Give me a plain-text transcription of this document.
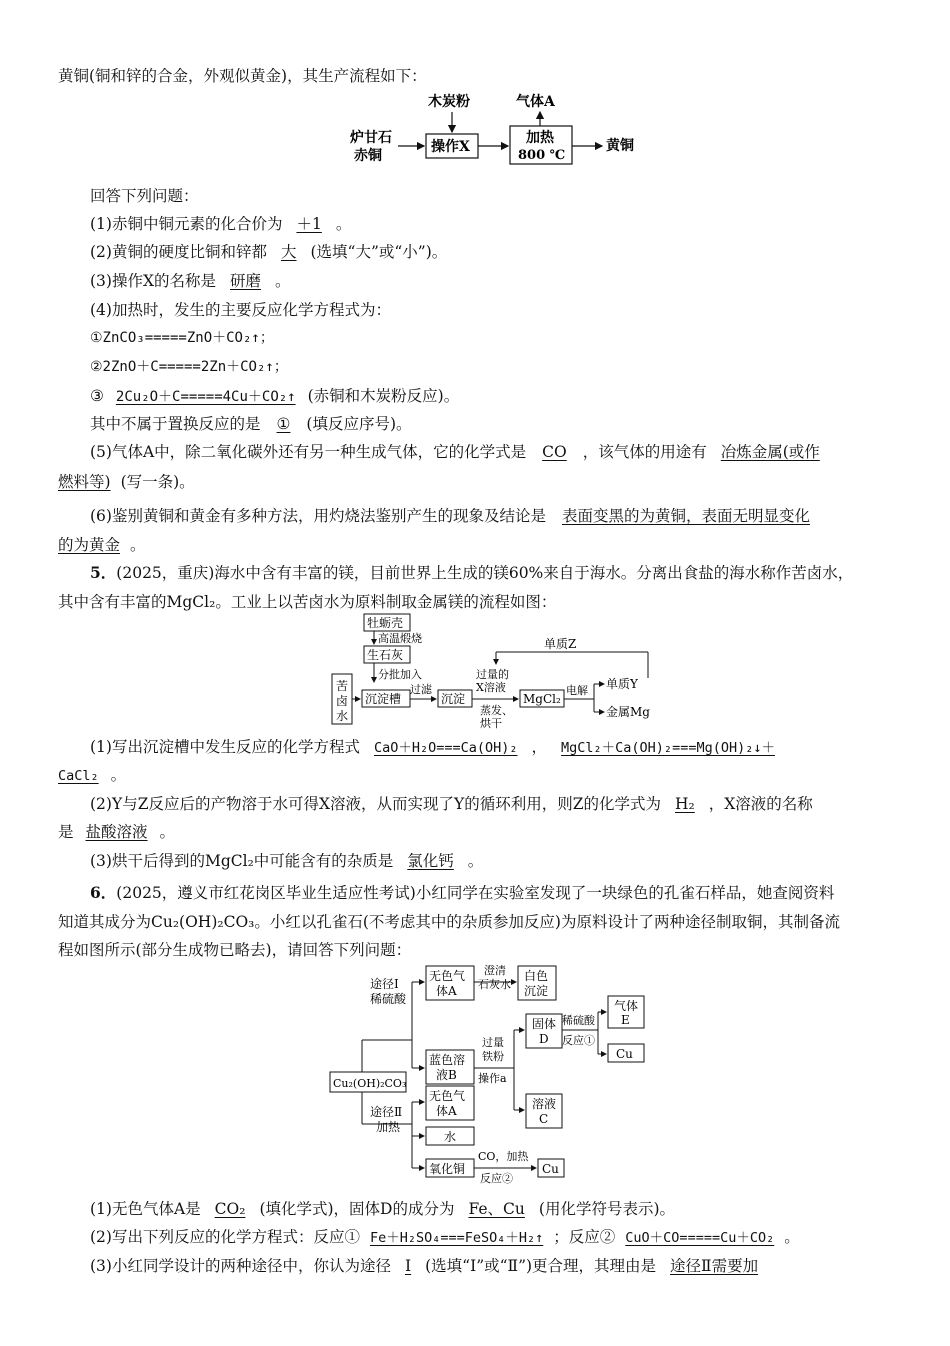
黄铜(铜和锌的合金，外观似黄金)，其生产流程如下：
炉甘石
赤铜
木炭粉
操作X
气体A
加热
800 ℃
黄铜
回答下列问题：
(1)赤铜中铜元素的化合价为 ＋1 。
(2)黄铜的硬度比铜和锌都 大 (选填“大”或“小”)。
(3)操作X的名称是 研磨 。
(4)加热时，发生的主要反应化学方程式为：
①ZnCO₃=====ZnO＋CO₂↑；
②2ZnO＋C=====2Zn＋CO₂↑；
③ 2Cu₂O＋C=====4Cu＋CO₂↑ (赤铜和木炭粉反应)。
其中不属于置换反应的是 ① (填反应序号)。
(5)气体A中，除二氧化碳外还有另一种生成气体，它的化学式是 CO ，该气体的用途有 冶炼金属(或作
燃料等) (写一条)。
(6)鉴别黄铜和黄金有多种方法，用灼烧法鉴别产生的现象及结论是 表面变黑的为黄铜，表面无明显变化
的为黄金 。
5．(2025，重庆)海水中含有丰富的镁，目前世界上生成的镁60%来自于海水。分离出食盐的海水称作苦卤水，
其中含有丰富的MgCl₂。工业上以苦卤水为原料制取金属镁的流程如图：
牡蛎壳
高温煅烧
生石灰
分批加入
苦
卤
水
沉淀槽
过滤
沉淀
过量的
X溶液
蒸发、
烘干
MgCl₂
电解 单质Y
金属Mg
单质Z
(1)写出沉淀槽中发生反应的化学方程式 CaO＋H₂O===Ca(OH)₂ ， MgCl₂＋Ca(OH)₂===Mg(OH)₂↓＋
CaCl₂ 。
(2)Y与Z反应后的产物溶于水可得X溶液，从而实现了Y的循环利用，则Z的化学式为 H₂ ，X溶液的名称
是 盐酸溶液 。
(3)烘干后得到的MgCl₂中可能含有的杂质是 氯化钙 。
6．(2025，遵义市红花岗区毕业生适应性考试)小红同学在实验室发现了一块绿色的孔雀石样品，她查阅资料
知道其成分为Cu₂(OH)₂CO₃。小红以孔雀石(不考虑其中的杂质参加反应)为原料设计了两种途径制取铜，其制备流
程如图所示(部分生成物已略去)，请回答下列问题：
Cu₂(OH)₂CO₃
途径Ⅰ
稀硫酸
无色气
体A
澄清
石灰水
白色
沉淀
蓝色溶
液B
过量
铁粉
操作a
固体
D
溶液
C
稀硫酸
反应①
气体
E
Cu
途径Ⅱ
加热
无色气
体A
水
氧化铜
CO，加热
反应②
Cu
(1)无色气体A是 CO₂ (填化学式)，固体D的成分为 Fe、Cu (用化学符号表示)。
(2)写出下列反应的化学方程式：反应① Fe＋H₂SO₄===FeSO₄＋H₂↑ ；反应② CuO＋CO=====Cu＋CO₂ 。
(3)小红同学设计的两种途径中，你认为途径 Ⅰ (选填“Ⅰ”或“Ⅱ”)更合理，其理由是 途径Ⅱ需要加
